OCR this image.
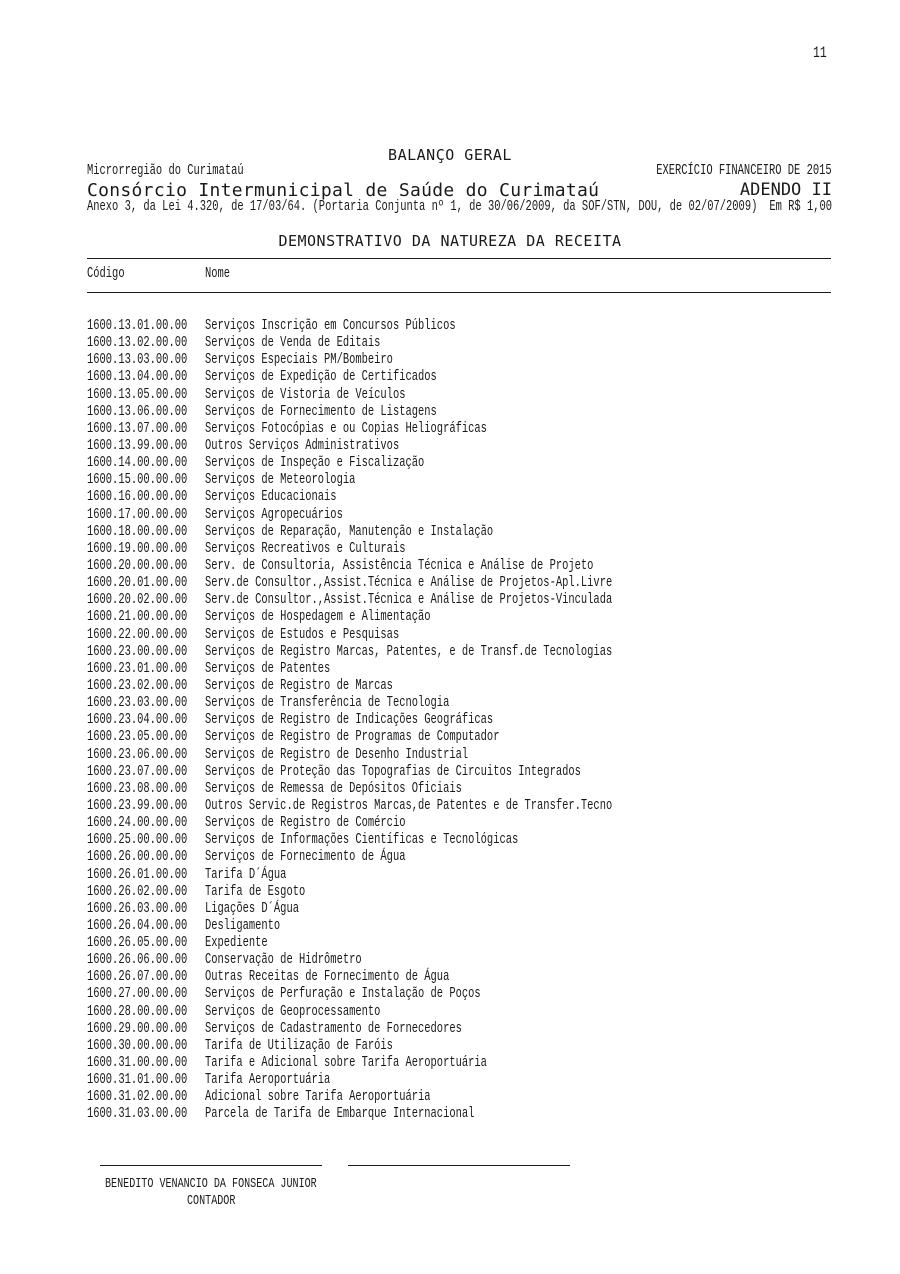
11
BALANÇO GERAL
Microrregião do Curimataú	EXERCÍCIO FINANCEIRO DE 2015
Consórcio Intermunicipal de Saúde do Curimataú	ADENDO II
Anexo 3, da Lei 4.320, de 17/03/64. (Portaria Conjunta nº 1, de 30/06/2009, da SOF/STN, DOU, de 02/07/2009) Em R$ 1,00
DEMONSTRATIVO DA NATUREZA DA RECEITA
Código	Nome
1600.13.01.00.00 Serviços Inscrição em Concursos Públicos
1600.13.02.00.00 Serviços de Venda de Editais
1600.13.03.00.00 Serviços Especiais PM/Bombeiro
1600.13.04.00.00 Serviços de Expedição de Certificados
1600.13.05.00.00 Serviços de Vistoria de Veículos
1600.13.06.00.00 Serviços de Fornecimento de Listagens
1600.13.07.00.00 Serviços Fotocópias e ou Copias Heliográficas
1600.13.99.00.00 Outros Serviços Administrativos
1600.14.00.00.00 Serviços de Inspeção e Fiscalização
1600.15.00.00.00 Serviços de Meteorologia
1600.16.00.00.00 Serviços Educacionais
1600.17.00.00.00 Serviços Agropecuários
1600.18.00.00.00 Serviços de Reparação, Manutenção e Instalação
1600.19.00.00.00 Serviços Recreativos e Culturais
1600.20.00.00.00 Serv. de Consultoria, Assistência Técnica e Análise de Projeto
1600.20.01.00.00 Serv.de Consultor.,Assist.Técnica e Análise de Projetos-Apl.Livre
1600.20.02.00.00 Serv.de Consultor.,Assist.Técnica e Análise de Projetos-Vinculada
1600.21.00.00.00 Serviços de Hospedagem e Alimentação
1600.22.00.00.00 Serviços de Estudos e Pesquisas
1600.23.00.00.00 Serviços de Registro Marcas, Patentes, e de Transf.de Tecnologias
1600.23.01.00.00 Serviços de Patentes
1600.23.02.00.00 Serviços de Registro de Marcas
1600.23.03.00.00 Serviços de Transferência de Tecnologia
1600.23.04.00.00 Serviços de Registro de Indicações Geográficas
1600.23.05.00.00 Serviços de Registro de Programas de Computador
1600.23.06.00.00 Serviços de Registro de Desenho Industrial
1600.23.07.00.00 Serviços de Proteção das Topografias de Circuitos Integrados
1600.23.08.00.00 Serviços de Remessa de Depósitos Oficiais
1600.23.99.00.00 Outros Servic.de Registros Marcas,de Patentes e de Transfer.Tecno
1600.24.00.00.00 Serviços de Registro de Comércio
1600.25.00.00.00 Serviços de Informações Científicas e Tecnológicas
1600.26.00.00.00 Serviços de Fornecimento de Água
1600.26.01.00.00 Tarifa D´Água
1600.26.02.00.00 Tarifa de Esgoto
1600.26.03.00.00 Ligações D´Água
1600.26.04.00.00 Desligamento
1600.26.05.00.00 Expediente
1600.26.06.00.00 Conservação de Hidrômetro
1600.26.07.00.00 Outras Receitas de Fornecimento de Água
1600.27.00.00.00 Serviços de Perfuração e Instalação de Poços
1600.28.00.00.00 Serviços de Geoprocessamento
1600.29.00.00.00 Serviços de Cadastramento de Fornecedores
1600.30.00.00.00 Tarifa de Utilização de Faróis
1600.31.00.00.00 Tarifa e Adicional sobre Tarifa Aeroportuária
1600.31.01.00.00 Tarifa Aeroportuária
1600.31.02.00.00 Adicional sobre Tarifa Aeroportuária
1600.31.03.00.00 Parcela de Tarifa de Embarque Internacional
BENEDITO VENANCIO DA FONSECA JUNIOR
CONTADOR
